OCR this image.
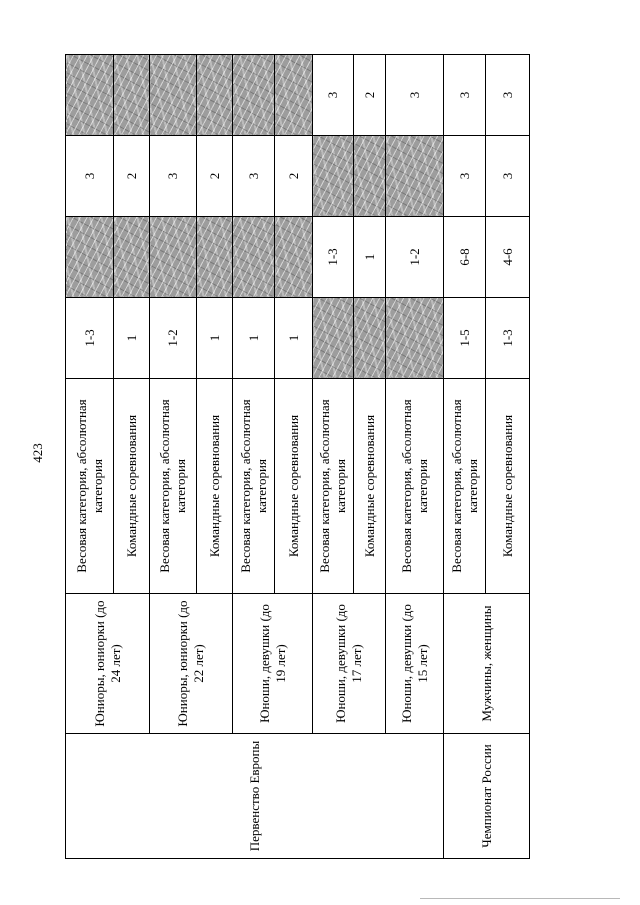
423
Первенство Европы	Юниоры, юниорки (до 24 лет)	Весовая категория, абсолютная категория	1-3		3	
		Командные соревнования	1		2	
	Юниоры, юниорки (до 22 лет)	Весовая категория, абсолютная категория	1-2		3	
		Командные соревнования	1		2	
	Юноши, девушки (до 19 лет)	Весовая категория, абсолютная категория	1		3	
		Командные соревнования	1		2	
	Юноши, девушки (до 17 лет)	Весовая категория, абсолютная категория		1-3		3
		Командные соревнования		1		2
	Юноши, девушки (до 15 лет)	Весовая категория, абсолютная категория		1-2		3
Чемпионат России	Мужчины, женщины	Весовая категория, абсолютная категория	1-5	6-8	3	3
		Командные соревнования	1-3	4-6	3	3
